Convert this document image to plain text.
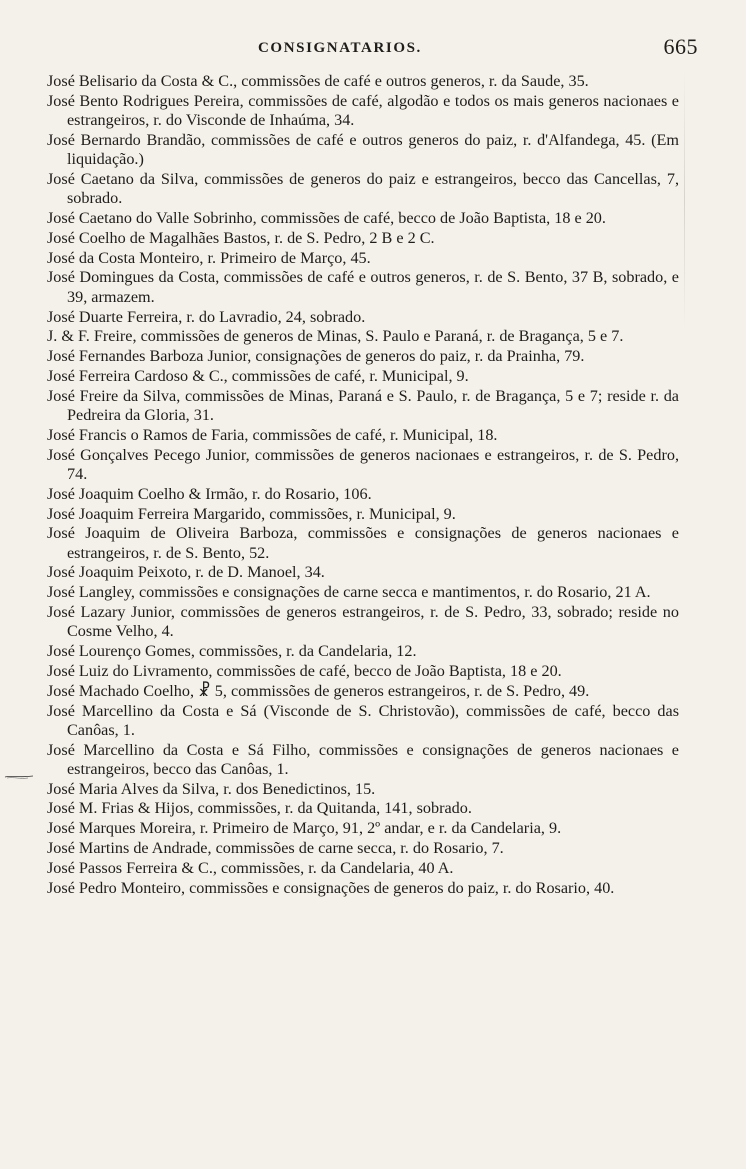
CONSIGNATARIOS.	665

José Belisario da Costa & C., commissões de café e outros generos, r. da Saude, 35.

José Bento Rodrigues Pereira, commissões de café, algodão e todos os mais generos nacionaes e estrangeiros, r. do Visconde de Inhaúma, 34.

José Bernardo Brandão, commissões de café e outros generos do paiz, r. d'Alfandega, 45. (Em liquidação.)

José Caetano da Silva, commissões de generos do paiz e estrangeiros, becco das Cancellas, 7, sobrado.

José Caetano do Valle Sobrinho, commissões de café, becco de João Baptista, 18 e 20.

José Coelho de Magalhães Bastos, r. de S. Pedro, 2 B e 2 C.

José da Costa Monteiro, r. Primeiro de Março, 45.

José Domingues da Costa, commissões de café e outros generos, r. de S. Bento, 37 B, sobrado, e 39, armazem.

José Duarte Ferreira, r. do Lavradio, 24, sobrado.

J. & F. Freire, commissões de generos de Minas, S. Paulo e Paraná, r. de Bragança, 5 e 7.

José Fernandes Barboza Junior, consignações de generos do paiz, r. da Prainha, 79.

José Ferreira Cardoso & C., commissões de café, r. Municipal, 9.

José Freire da Silva, commissões de Minas, Paraná e S. Paulo, r. de Bragança, 5 e 7; reside r. da Pedreira da Gloria, 31.

José Francis o Ramos de Faria, commissões de café, r. Municipal, 18.

José Gonçalves Pecego Junior, commissões de generos nacionaes e estrangeiros, r. de S. Pedro, 74.

José Joaquim Coelho & Irmão, r. do Rosario, 106.

José Joaquim Ferreira Margarido, commissões, r. Municipal, 9.

José Joaquim de Oliveira Barboza, commissões e consignações de generos nacionaes e estrangeiros, r. de S. Bento, 52.

José Joaquim Peixoto, r. de D. Manoel, 34.

José Langley, commissões e consignações de carne secca e mantimentos, r. do Rosario, 21 A.

José Lazary Junior, commissões de generos estrangeiros, r. de S. Pedro, 33, sobrado; reside no Cosme Velho, 4.

José Lourenço Gomes, commissões, r. da Candelaria, 12.

José Luiz do Livramento, commissões de café, becco de João Baptista, 18 e 20.

José Machado Coelho, ☧ 5, commissões de generos estrangeiros, r. de S. Pedro, 49.

José Marcellino da Costa e Sá (Visconde de S. Christovão), commissões de café, becco das Canôas, 1.

José Marcellino da Costa e Sá Filho, commissões e consignações de generos nacionaes e estrangeiros, becco das Canôas, 1.

José Maria Alves da Silva, r. dos Benedictinos, 15.

José M. Frias & Hijos, commissões, r. da Quitanda, 141, sobrado.

José Marques Moreira, r. Primeiro de Março, 91, 2º andar, e r. da Candelaria, 9.

José Martins de Andrade, commissões de carne secca, r. do Rosario, 7.

José Passos Ferreira & C., commissões, r. da Candelaria, 40 A.

José Pedro Monteiro, commissões e consignações de generos do paiz, r. do Rosario, 40.
